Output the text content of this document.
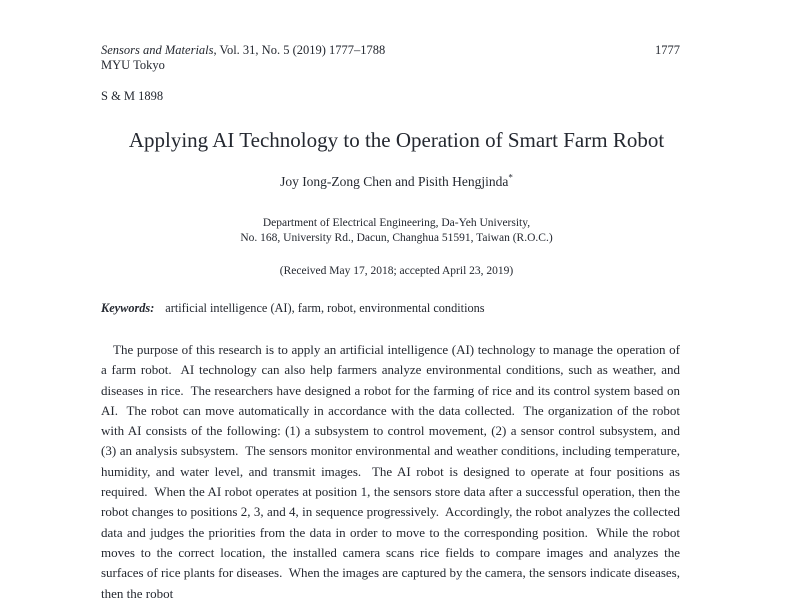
Sensors and Materials, Vol. 31, No. 5 (2019) 1777–1788	1777
MYU Tokyo
S & M 1898
Applying AI Technology to the Operation of Smart Farm Robot
Joy Iong-Zong Chen and Pisith Hengjinda*
Department of Electrical Engineering, Da-Yeh University,
No. 168, University Rd., Dacun, Changhua 51591, Taiwan (R.O.C.)
(Received May 17, 2018; accepted April 23, 2019)
Keywords: artificial intelligence (AI), farm, robot, environmental conditions

The purpose of this research is to apply an artificial intelligence (AI) technology to manage the operation of a farm robot.  AI technology can also help farmers analyze environmental conditions, such as weather, and diseases in rice.  The researchers have designed a robot for the farming of rice and its control system based on AI.  The robot can move automatically in accordance with the data collected.  The organization of the robot with AI consists of the following: (1) a subsystem to control movement, (2) a sensor control subsystem, and (3) an analysis subsystem.  The sensors monitor environmental and weather conditions, including temperature, humidity, and water level, and transmit images.  The AI robot is designed to operate at four positions as required.  When the AI robot operates at position 1, the sensors store data after a successful operation, then the robot changes to positions 2, 3, and 4, in sequence progressively.  Accordingly, the robot analyzes the collected data and judges the priorities from the data in order to move to the corresponding position.  While the robot moves to the correct location, the installed camera scans rice fields to compare images and analyzes the surfaces of rice plants for diseases.  When the images are captured by the camera, the sensors indicate diseases, then the robot
